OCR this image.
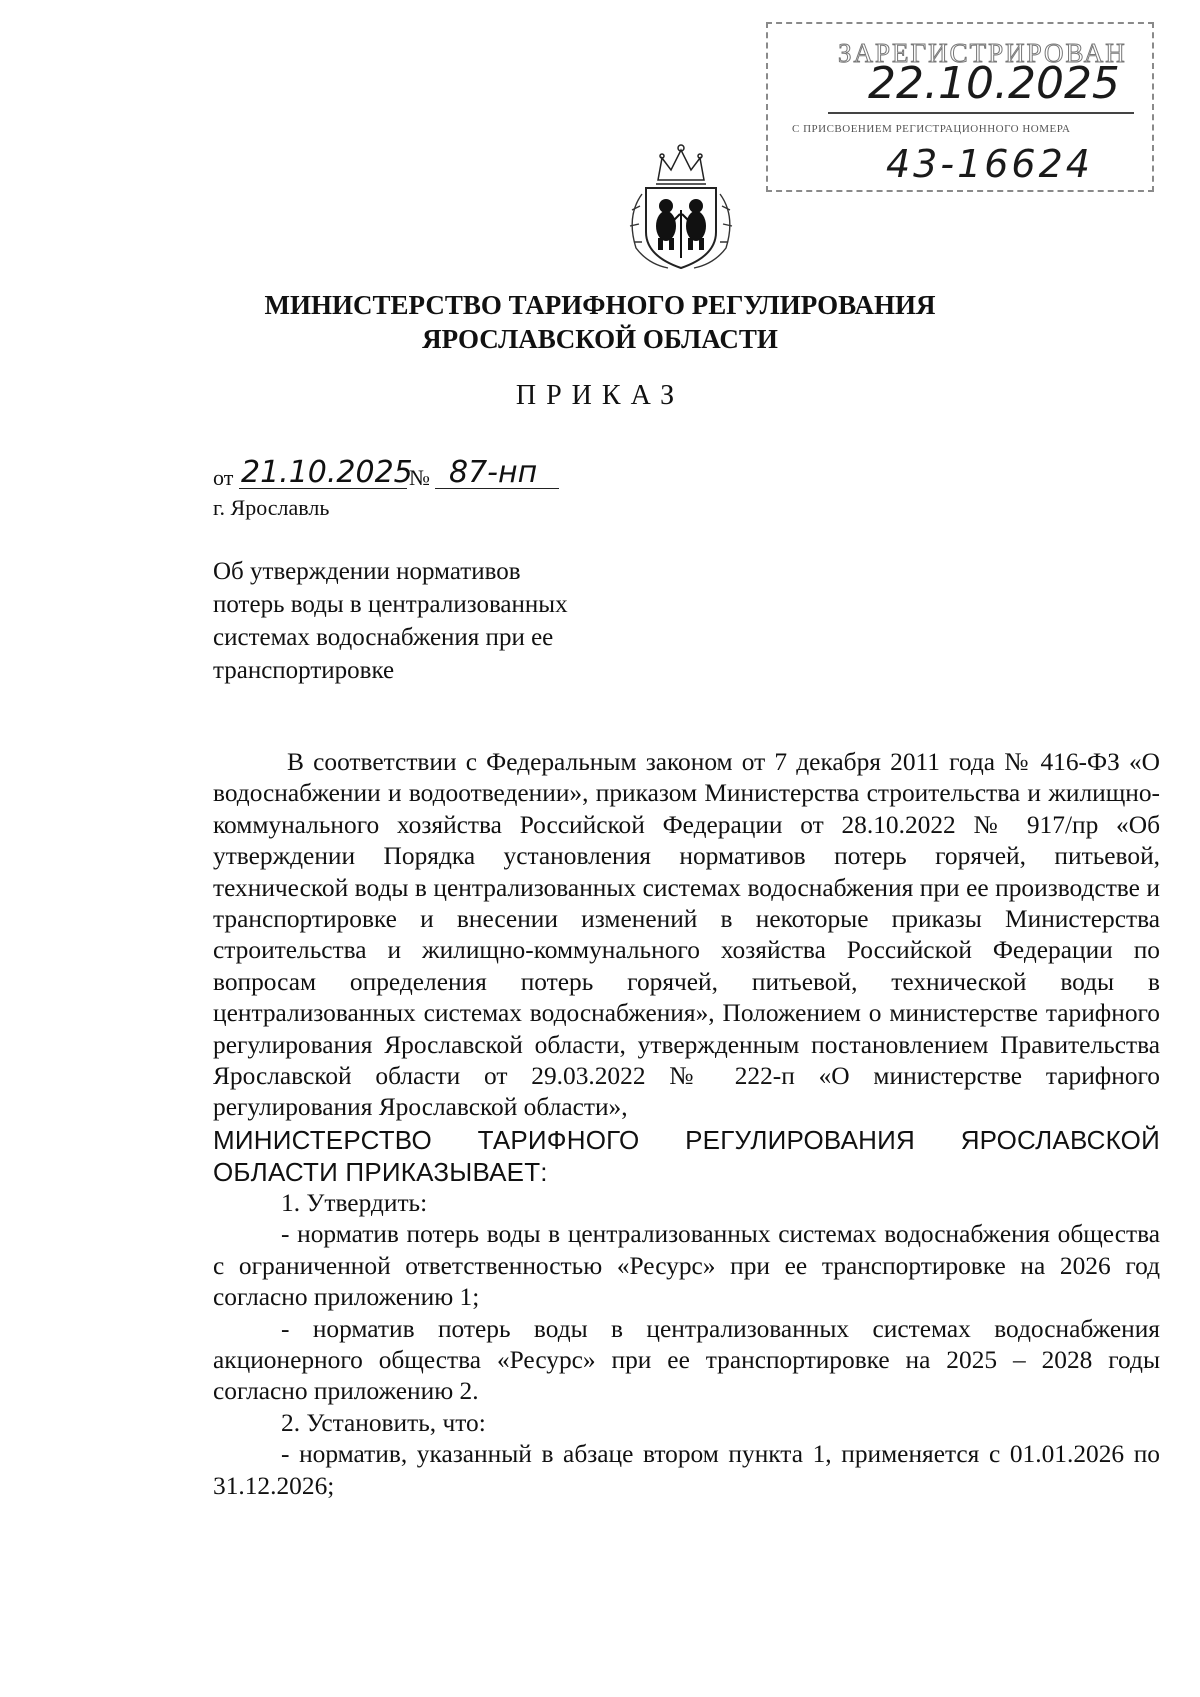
ЗАРЕГИСТРИРОВАН
22.10.2025
С ПРИСВОЕНИЕМ РЕГИСТРАЦИОННОГО НОМЕРА
43-16624
МИНИСТЕРСТВО ТАРИФНОГО РЕГУЛИРОВАНИЯ
ЯРОСЛАВСКОЙ ОБЛАСТИ
ПРИКАЗ
от 21.10.2025
№ 87-нп
г. Ярославль
Об утверждении нормативов
потерь воды в централизованных
системах водоснабжения при ее
транспортировке

В соответствии с Федеральным законом от 7 декабря 2011 года № 416-ФЗ «О водоснабжении и водоотведении», приказом Министерства строительства и жилищно-коммунального хозяйства Российской Федерации от 28.10.2022 № 917/пр «Об утверждении Порядка установления нормативов потерь горячей, питьевой, технической воды в централизованных системах водоснабжения при ее производстве и транспортировке и внесении изменений в некоторые приказы Министерства строительства и жилищно-коммунального хозяйства Российской Федерации по вопросам определения потерь горячей, питьевой, технической воды в централизованных системах водоснабжения», Положением о министерстве тарифного регулирования Ярославской области, утвержденным постановлением Правительства Ярославской области от 29.03.2022 № 222-п «О министерстве тарифного регулирования Ярославской области»,

МИНИСТЕРСТВО ТАРИФНОГО РЕГУЛИРОВАНИЯ ЯРОСЛАВСКОЙ ОБЛАСТИ ПРИКАЗЫВАЕТ:

1. Утвердить:

- норматив потерь воды в централизованных системах водоснабжения общества с ограниченной ответственностью «Ресурс» при ее транспортировке на 2026 год согласно приложению 1;

- норматив потерь воды в централизованных системах водоснабжения акционерного общества «Ресурс» при ее транспортировке на 2025 – 2028 годы согласно приложению 2.

2. Установить, что:

- норматив, указанный в абзаце втором пункта 1, применяется с 01.01.2026 по 31.12.2026;
